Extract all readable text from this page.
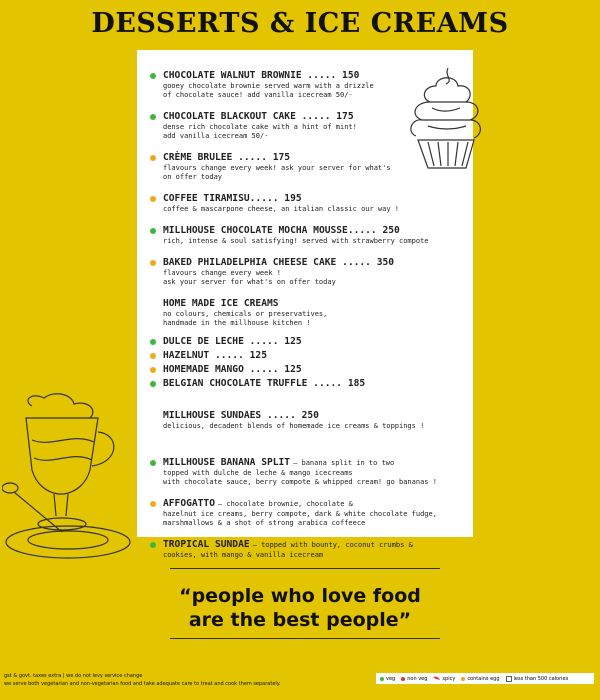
DESSERTS & ICE CREAMS
CHOCOLATE WALNUT BROWNIE ..... 150
gooey chocolate brownie served warm with a drizzle
of chocolate sauce! add vanilla icecream 50/-
CHOCOLATE BLACKOUT CAKE ..... 175
dense rich chocolate cake with a hint of mint!
add vanilla icecream 50/-
CRÈME BRULEE ..... 175
flavours change every week! ask your server for what's
on offer today
COFFEE TIRAMISU..... 195
coffee & mascarpone cheese, an italian classic our way !
MILLHOUSE CHOCOLATE MOCHA MOUSSE..... 250
rich, intense & soul satisfying! served with strawberry compote
BAKED PHILADELPHIA CHEESE CAKE ..... 350
flavours change every week !
ask your server for what's on offer today
HOME MADE ICE CREAMS
no colours, chemicals or preservatives,
handmade in the millhouse kitchen !
DULCE DE LECHE ..... 125
HAZELNUT ..... 125
HOMEMADE MANGO ..... 125
BELGIAN CHOCOLATE TRUFFLE ..... 185
MILLHOUSE SUNDAES ..... 250
delicious, decadent blends of homemade ice creams & toppings !
MILLHOUSE BANANA SPLIT — banana split in to two
topped with dulche de leche & mango icecreams
with chocolate sauce, berry compote & whipped cream! go bananas !
AFFOGATTO — chocolate brownie, chocolate &
hazelnut ice creams, berry compote, dark & white chocolate fudge,
marshmallows & a shot of strong arabica coffeece
TROPICAL SUNDAE — topped with bounty, coconut crumbs &
cookies, with mango & vanilla icecream
“people who love food
are the best people”
gst & govt. taxes extra | we do not levy service change
we serve both vegetarian and non-vegetarian food and take adequate care to treat and cook them separately.
veg non veg	spicy contains egg	less than 500 calories
